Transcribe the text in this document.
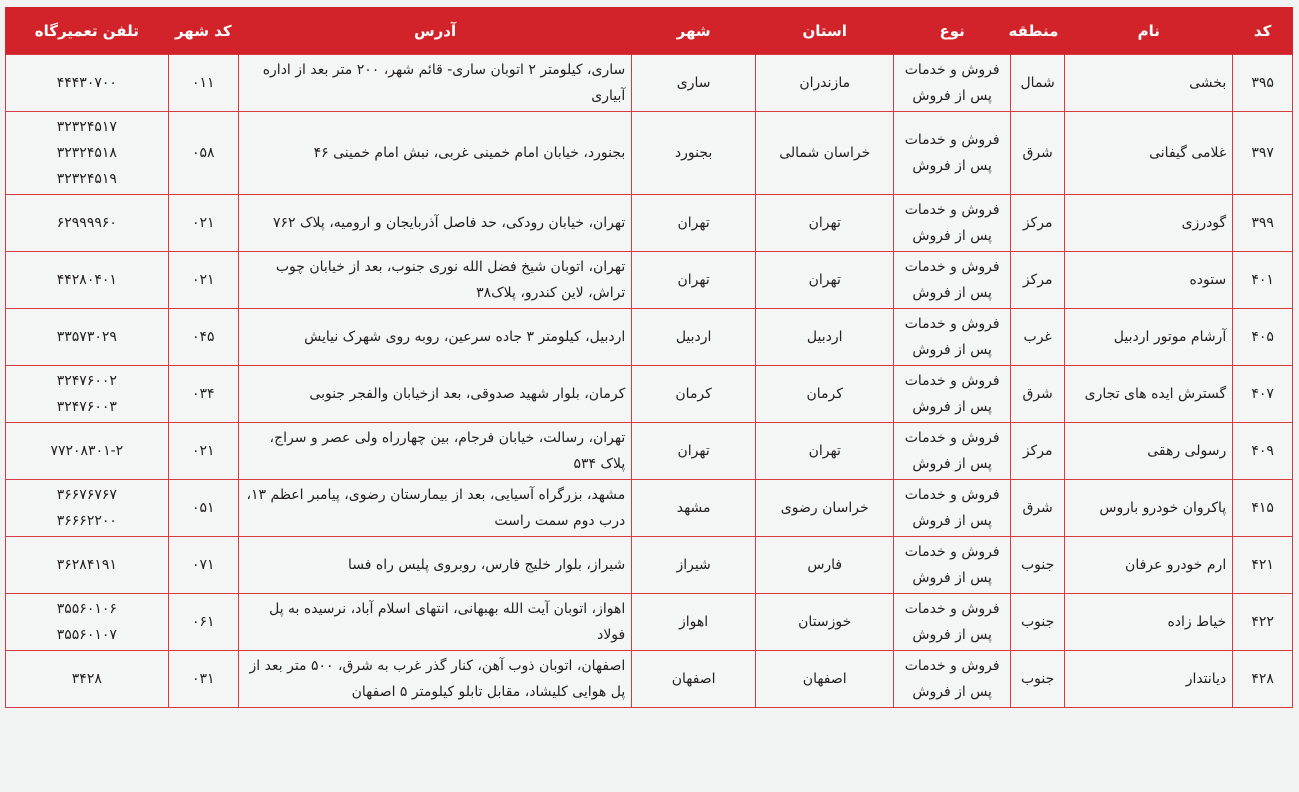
کد	نام	منطقه	نوع	استان	شهر	آدرس	کد شهر	تلفن تعمیرگاه
۳۹۵	بخشی	شمال	فروش و خدمات پس از فروش	مازندران	ساری	ساری، کیلومتر ۲ اتوبان ساری- قائم شهر، ۲۰۰ متر بعد از اداره آبیاری	۰۱۱	۴۴۴۳۰۷۰۰

۳۹۷	غلامی گیفانی	شرق	فروش و خدمات پس از فروش	خراسان شمالی	بجنورد	بجنورد، خیابان امام خمینی غربی، نبش امام خمینی ۴۶	۰۵۸	۳۲۳۲۴۵۱۷
۳۲۳۲۴۵۱۸
۳۲۳۲۴۵۱۹

۳۹۹	گودرزی	مرکز	فروش و خدمات پس از فروش	تهران	تهران	تهران، خیابان رودکی، حد فاصل آذربایجان و ارومیه، پلاک ۷۶۲	۰۲۱	۶۲۹۹۹۹۶۰

۴۰۱	ستوده	مرکز	فروش و خدمات پس از فروش	تهران	تهران	تهران، اتوبان شیخ فضل الله نوری جنوب، بعد از خیابان چوب تراش، لاین کندرو، پلاک۳۸	۰۲۱	۴۴۲۸۰۴۰۱

۴۰۵	آرشام موتور اردبیل	غرب	فروش و خدمات پس از فروش	اردبیل	اردبیل	اردبیل، کیلومتر ۳ جاده سرعین، روبه روی شهرک نیایش	۰۴۵	۳۳۵۷۳۰۲۹

۴۰۷	گسترش ایده های تجاری	شرق	فروش و خدمات پس از فروش	کرمان	کرمان	کرمان، بلوار شهید صدوقی، بعد ازخیابان والفجر جنوبی	۰۳۴	۳۲۴۷۶۰۰۲
۳۲۴۷۶۰۰۳

۴۰۹	رسولی رهقی	مرکز	فروش و خدمات پس از فروش	تهران	تهران	تهران، رسالت، خیابان فرجام، بین چهارراه ولی عصر و سراج، پلاک ۵۳۴	۰۲۱	۷۷۲۰۸۳۰۱-۲

۴۱۵	پاکروان خودرو باروس	شرق	فروش و خدمات پس از فروش	خراسان رضوی	مشهد	مشهد، بزرگراه آسیایی، بعد از بیمارستان رضوی، پیامبر اعظم ۱۳، درب دوم سمت راست	۰۵۱	۳۶۶۷۶۷۶۷
۳۶۶۶۲۲۰۰

۴۲۱	ارم خودرو عرفان	جنوب	فروش و خدمات پس از فروش	فارس	شیراز	شیراز، بلوار خلیج فارس، روبروی پلیس راه فسا	۰۷۱	۳۶۲۸۴۱۹۱

۴۲۲	خیاط زاده	جنوب	فروش و خدمات پس از فروش	خوزستان	اهواز	اهواز، اتوبان آیت الله بهبهانی، انتهای اسلام آباد، نرسیده به پل فولاد	۰۶۱	۳۵۵۶۰۱۰۶
۳۵۵۶۰۱۰۷

۴۲۸	دیانتدار	جنوب	فروش و خدمات پس از فروش	اصفهان	اصفهان	اصفهان، اتوبان ذوب آهن، کنار گذر غرب به شرق، ۵۰۰ متر بعد از پل هوایی کلیشاد، مقابل تابلو کیلومتر ۵ اصفهان	۰۳۱	۳۴۲۸
